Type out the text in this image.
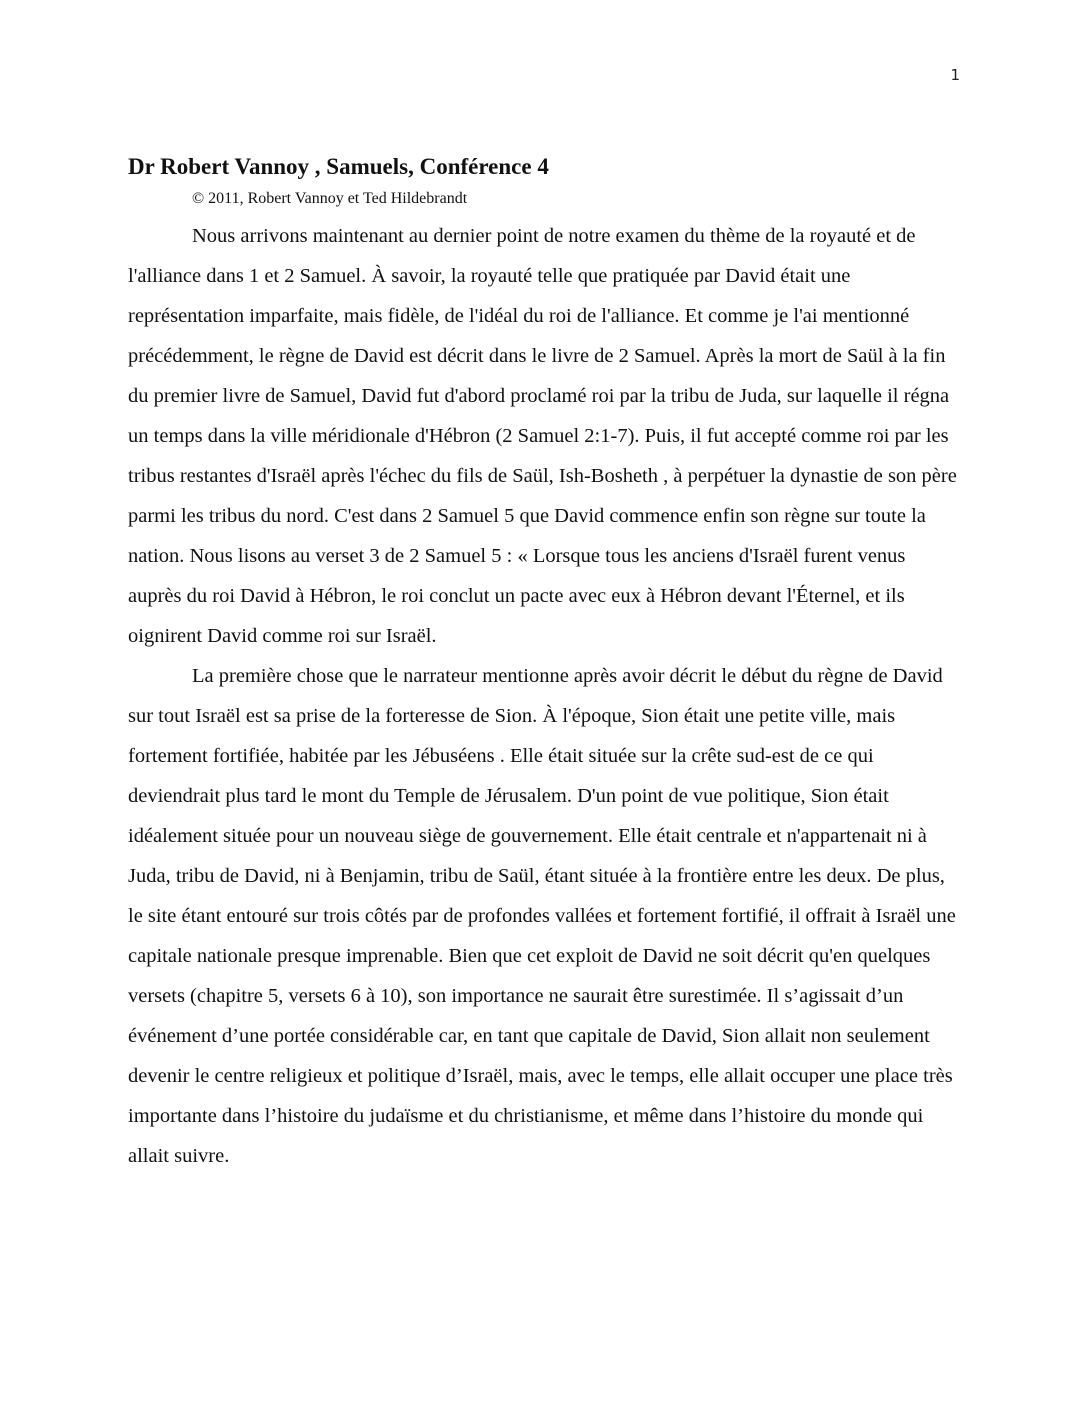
1
Dr Robert Vannoy , Samuels, Conférence 4

© 2011, Robert Vannoy et Ted Hildebrandt

Nous arrivons maintenant au dernier point de notre examen du thème de la royauté et de l'alliance dans 1 et 2 Samuel. À savoir, la royauté telle que pratiquée par David était une représentation imparfaite, mais fidèle, de l'idéal du roi de l'alliance. Et comme je l'ai mentionné précédemment, le règne de David est décrit dans le livre de 2 Samuel. Après la mort de Saül à la fin du premier livre de Samuel, David fut d'abord proclamé roi par la tribu de Juda, sur laquelle il régna un temps dans la ville méridionale d'Hébron (2 Samuel 2:1-7). Puis, il fut accepté comme roi par les tribus restantes d'Israël après l'échec du fils de Saül, Ish-Bosheth , à perpétuer la dynastie de son père parmi les tribus du nord. C'est dans 2 Samuel 5 que David commence enfin son règne sur toute la nation. Nous lisons au verset 3 de 2 Samuel 5 : « Lorsque tous les anciens d'Israël furent venus auprès du roi David à Hébron, le roi conclut un pacte avec eux à Hébron devant l'Éternel, et ils oignirent David comme roi sur Israël.

La première chose que le narrateur mentionne après avoir décrit le début du règne de David sur tout Israël est sa prise de la forteresse de Sion. À l'époque, Sion était une petite ville, mais fortement fortifiée, habitée par les Jébuséens . Elle était située sur la crête sud-est de ce qui deviendrait plus tard le mont du Temple de Jérusalem. D'un point de vue politique, Sion était idéalement située pour un nouveau siège de gouvernement. Elle était centrale et n'appartenait ni à Juda, tribu de David, ni à Benjamin, tribu de Saül, étant située à la frontière entre les deux. De plus, le site étant entouré sur trois côtés par de profondes vallées et fortement fortifié, il offrait à Israël une capitale nationale presque imprenable. Bien que cet exploit de David ne soit décrit qu'en quelques versets (chapitre 5, versets 6 à 10), son importance ne saurait être surestimée. Il s’agissait d’un événement d’une portée considérable car, en tant que capitale de David, Sion allait non seulement devenir le centre religieux et politique d’Israël, mais, avec le temps, elle allait occuper une place très importante dans l’histoire du judaïsme et du christianisme, et même dans l’histoire du monde qui allait suivre.
